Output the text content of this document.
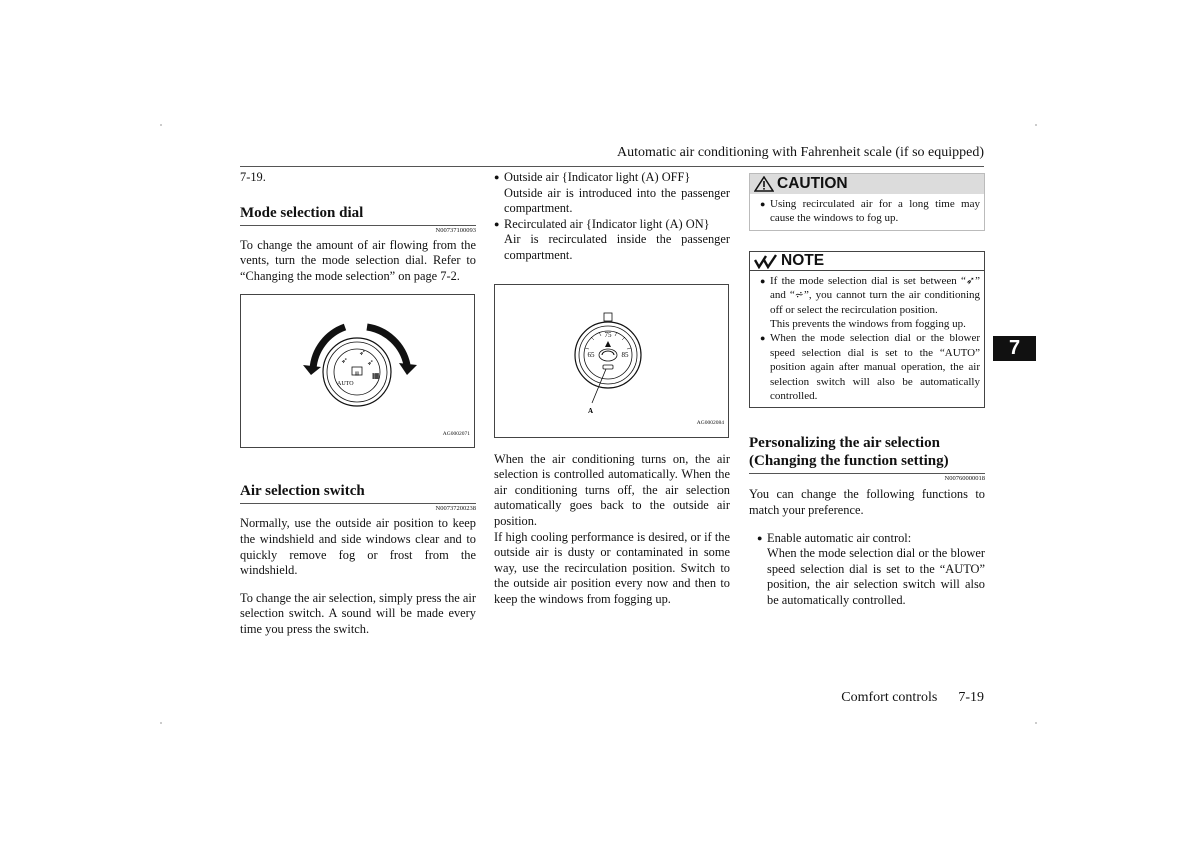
Automatic air conditioning with Fahrenheit scale (if so equipped)

7-19.

Mode selection dial
N00737100093

To change the amount of air flowing from the vents, turn the mode selection dial. Refer to “Changing the mode selection” on page 7-2.

▥
➶
➶
➶
▦
AUTO
AG0002071
Air selection switch
N00737200238

Normally, use the outside air position to keep the windshield and side windows clear and to quickly remove fog or frost from the windshield.

To change the air selection, simply press the air selection switch. A sound will be made every time you press the switch.

● Outside air {Indicator light (A) OFF}

Outside air is introduced into the passenger compartment.

● Recirculated air {Indicator light (A) ON}

Air is recirculated inside the passenger compartment.

75
65	85
A
AG0002084

When the air conditioning turns on, the air selection is controlled automatically. When the air conditioning turns off, the air selection automatically goes back to the outside air position.

If high cooling performance is desired, or if the outside air is dusty or contaminated in some way, use the recirculation position. Switch to the outside air position every now and then to keep the windows from fogging up.

CAUTION
● Using recirculated air for a long time may cause the windows to fog up.
NOTE
● If the mode selection dial is set between “➶” and “⩫”, you cannot turn the air conditioning off or select the recirculation position.
This prevents the windows from fogging up.
● When the mode selection dial or the blower speed selection dial is set to the “AUTO” position again after manual operation, the air selection switch will also be automatically controlled.
Personalizing the air selection
(Changing the function setting)
N00760000018

You can change the following functions to match your preference.

● Enable automatic air control:

When the mode selection dial or the blower speed selection dial is set to the “AUTO” position, the air selection switch will also be automatically controlled.

7
Comfort controls 7-19
